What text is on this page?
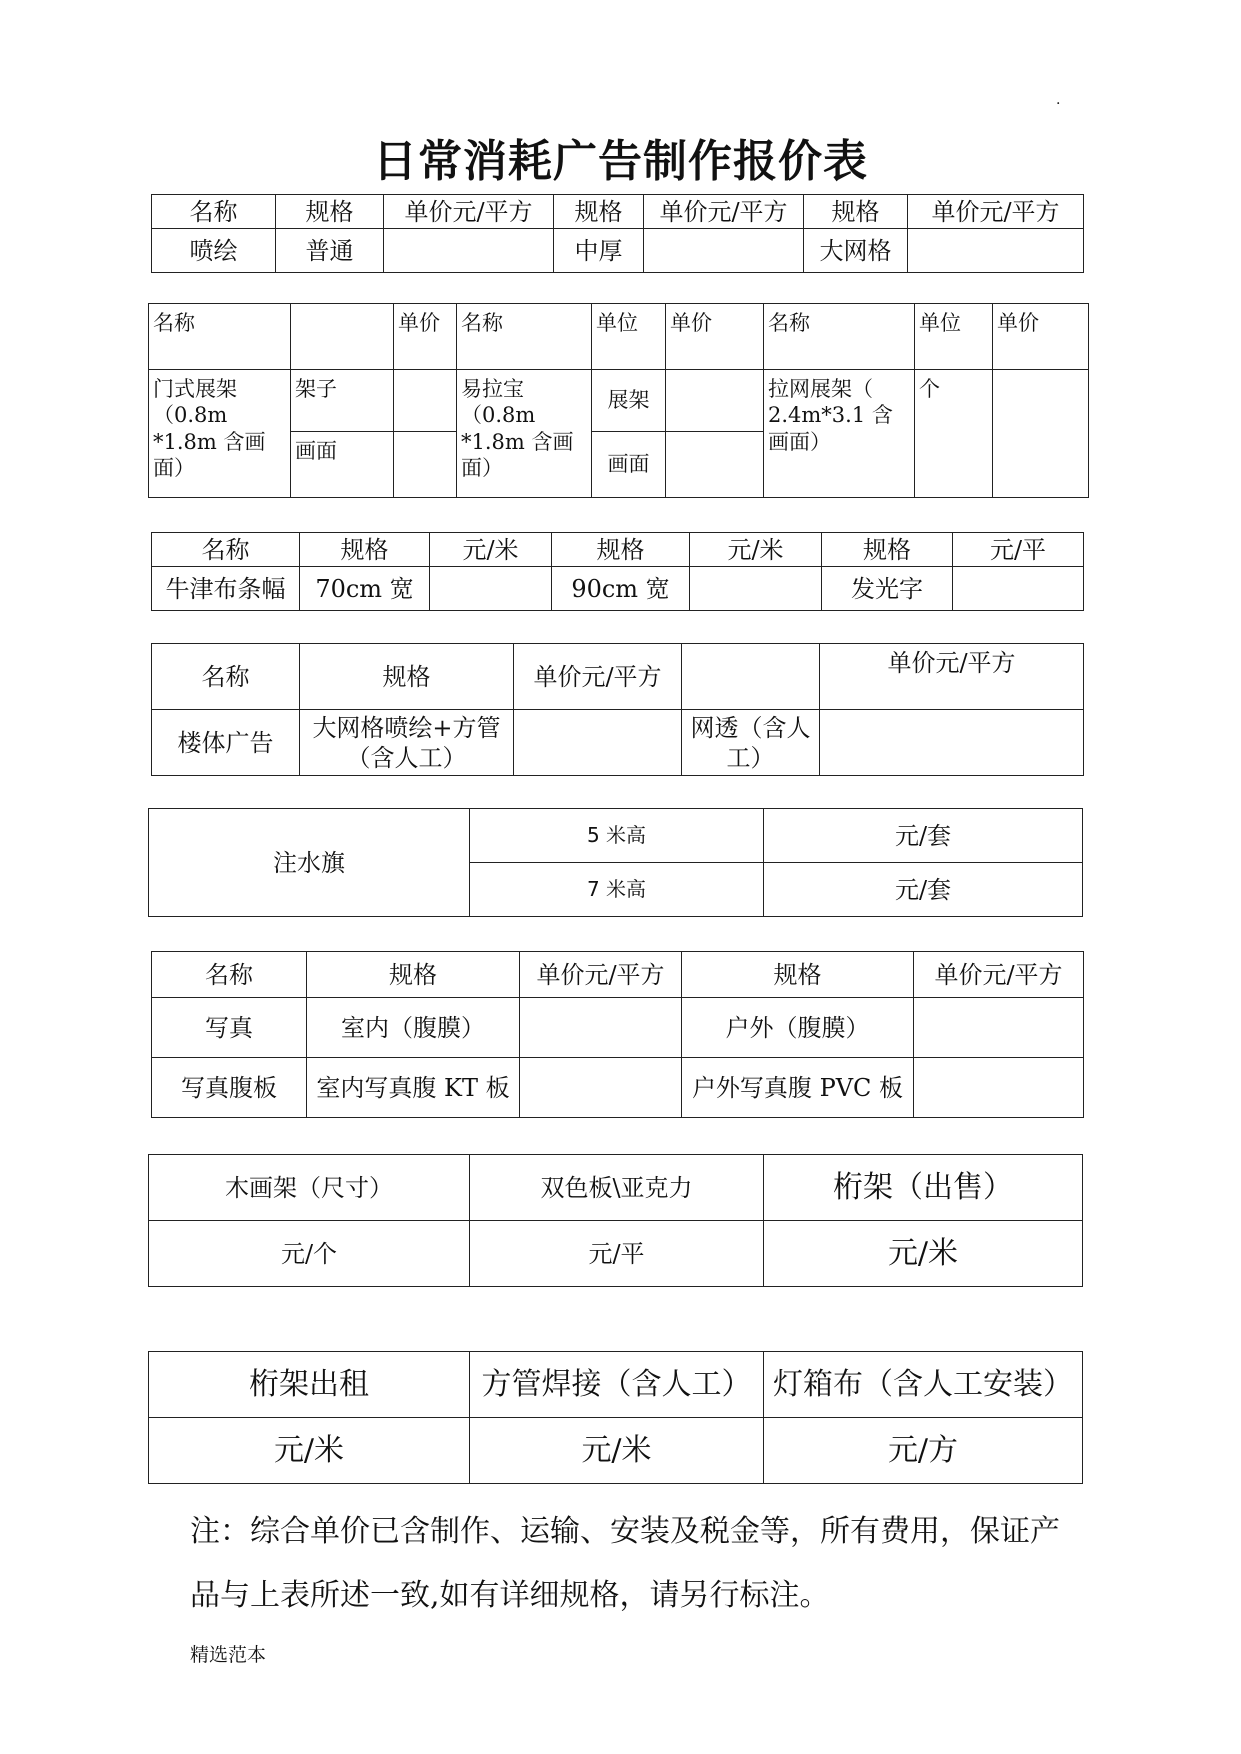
.
日常消耗广告制作报价表
名称	规格	单价元/平方	规格	单价元/平方	规格	单价元/平方
喷绘	普通		中厚		大网格	
名称		单价	名称	单位	单价	名称	单位	单价
门式展架（0.8m *1.8m 含画面）	架子		易拉宝（0.8m *1.8m 含画面）	展架		拉网展架（ 2.4m*3.1 含画面）	个	
	画面			画面				
名称	规格	元/米	规格	元/米	规格	元/平
牛津布条幅	70cm 宽		90cm 宽		发光字	
名称	规格	单价元/平方		单价元/平方
楼体广告	大网格喷绘+方管（含人工）		网透（含人工）	
注水旗	5 米高	元/套
	7 米高	元/套
名称	规格	单价元/平方	规格	单价元/平方
写真	室内（腹膜）		户外（腹膜）	
写真腹板	室内写真腹 KT 板		户外写真腹 PVC 板	
木画架（尺寸）	双色板\亚克力	桁架（出售）
元/个	元/平	元/米
桁架出租	方管焊接（含人工）	灯箱布（含人工安装）
元/米	元/米	元/方
注：综合单价已含制作、运输、安装及税金等，所有费用，保证产品与上表所述一致,如有详细规格，请另行标注。
精选范本
